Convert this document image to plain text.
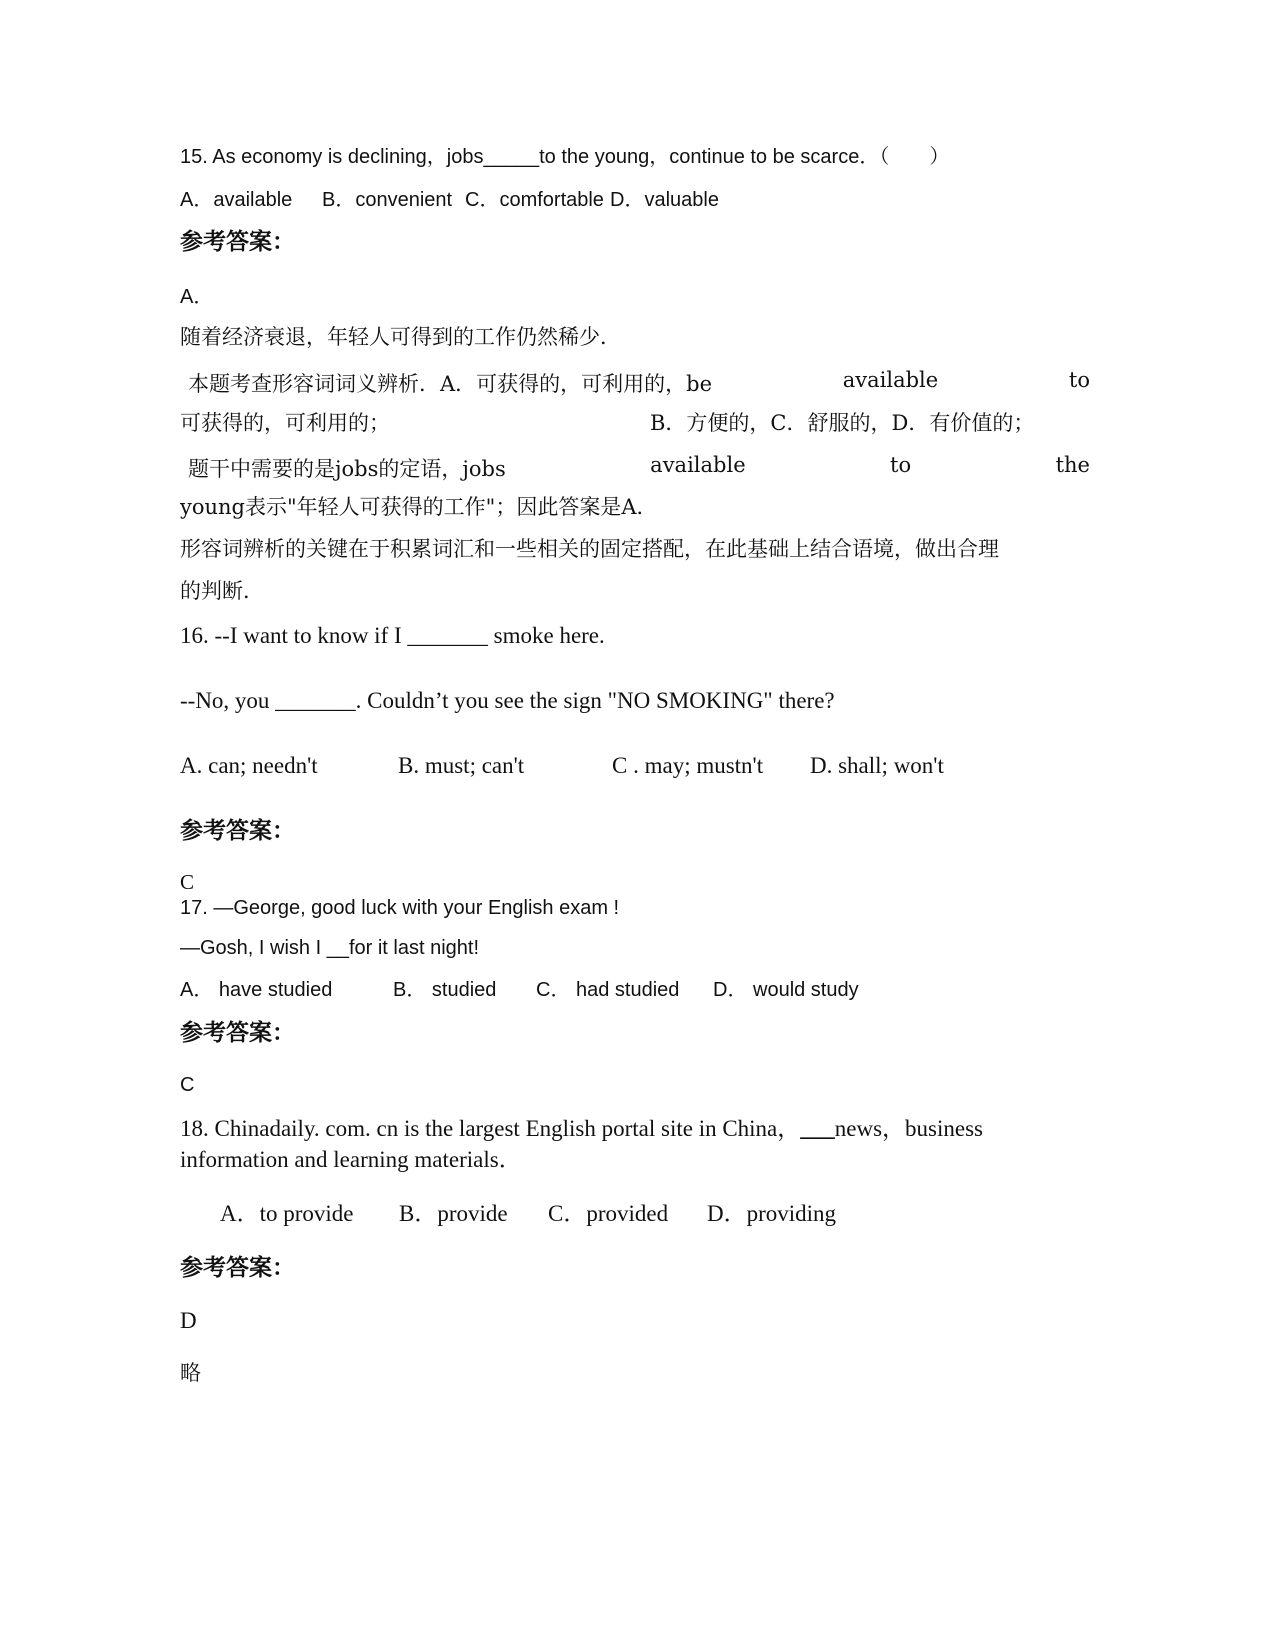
15. As economy is declining，jobs_____to the young，continue to be scarce．（　　）
A．available B．convenient C．comfortable D．valuable
参考答案：
A．
随着经济衰退，年轻人可得到的工作仍然稀少．
本题考查形容词词义辨析．A．可获得的，可利用的，be	available	to
可获得的，可利用的；	B．方便的，C．舒服的，D．有价值的；
题干中需要的是jobs的定语，jobs	available	to	the
young表示"年轻人可获得的工作"；因此答案是A．
形容词辨析的关键在于积累词汇和一些相关的固定搭配，在此基础上结合语境，做出合理
的判断．
16. --I want to know if I _______ smoke here.
--No, you _______. Couldn’t you see the sign "NO SMOKING" there?
A. can; needn't	B. must; can't	C . may; mustn't D. shall; won't
参考答案：
C
17. —George, good luck with your English exam !
—Gosh, I wish I __for it last night!
A． have studied	B． studied C． had studied D． would study
参考答案：
C
18. Chinadaily. com. cn is the largest English portal site in China，___news，business
information and learning materials．
A．to provide B．provide C．provided D．providing
参考答案：
D
略
